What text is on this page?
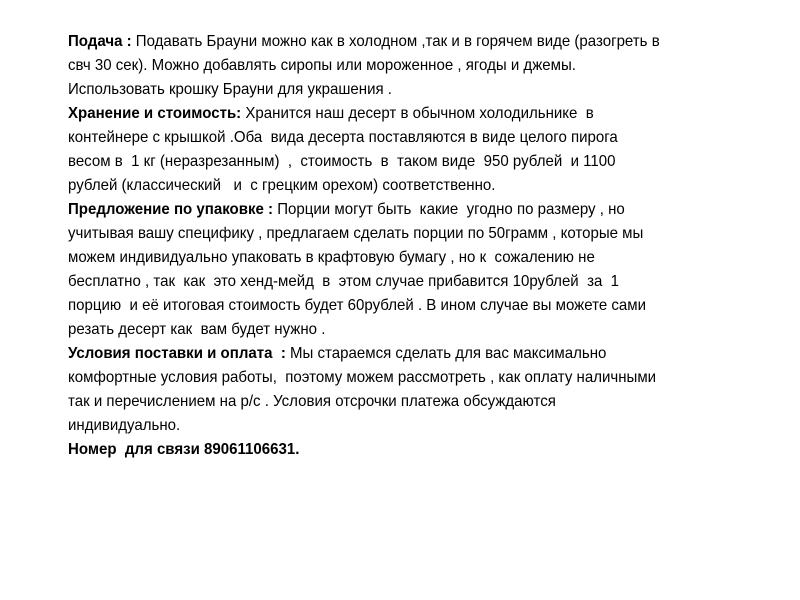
Подача : Подавать Брауни можно как в холодном ,так и в горячем виде (разогреть в
свч 30 сек). Можно добавлять сиропы или мороженное , ягоды и джемы.
Использовать крошку Брауни для украшения .
Хранение и стоимость: Хранится наш десерт в обычном холодильнике  в
контейнере с крышкой .Оба  вида десерта поставляются в виде целого пирога
весом в  1 кг (неразрезанным)  ,  стоимость  в  таком виде  950 рублей  и 1100
рублей (классический   и  с грецким орехом) соответственно.
Предложение по упаковке : Порции могут быть  какие  угодно по размеру , но
учитывая вашу специфику , предлагаем сделать порции по 50грамм , которые мы
можем индивидуально упаковать в крафтовую бумагу , но к  сожалению не
бесплатно , так  как  это хенд-мейд  в  этом случае прибавится 10рублей  за  1
порцию  и её итоговая стоимость будет 60рублей . В ином случае вы можете сами
резать десерт как  вам будет нужно .
Условия поставки и оплата  : Мы стараемся сделать для вас максимально
комфортные условия работы,  поэтому можем рассмотреть , как оплату наличными
так и перечислением на р/с . Условия отсрочки платежа обсуждаются
индивидуально.
Номер  для связи 89061106631.
